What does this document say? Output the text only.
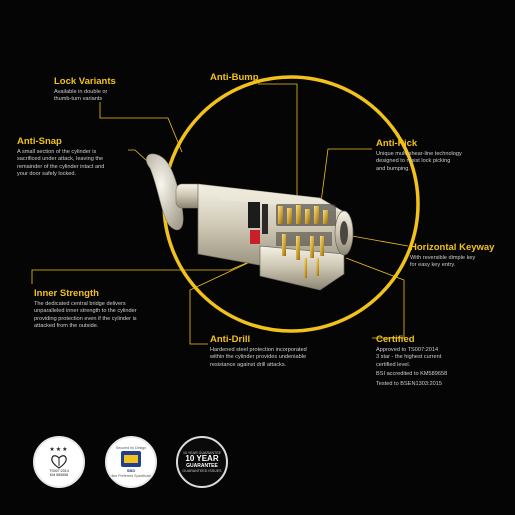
Lock Variants
Available in double or
thumb-turn variants
Anti-Bump
Anti-Snap
A small section of the cylinder is
sacrificed under attack, leaving the
remainder of the cylinder intact and
your door safely locked.
Anti-Pick
Unique multi shear-line technology
designed to resist lock picking
and bumping.
Horizontal Keyway
With reversible dimple key
for easy key entry.
Inner Strength
The dedicated central bridge delivers
unparalleled inner strength to the cylinder
providing protection even if the cylinder is
attacked from the outside.
Anti-Drill
Hardened steel protection incorporated
within the cylinder provides undeniable
resistance against drill attacks.
Certified
Approved to TS007:2014
3 star - the highest current
certified level.
BSI accredited to KM589658
Tested to BSEN1303:2015
★★★
TS007:2014
KM 589658
Secured by Design
SBD
Police Preferred Specification
10 YEAR GUARANTEE
10 YEAR
GUARANTEE
GUARANTEED ISSUES
